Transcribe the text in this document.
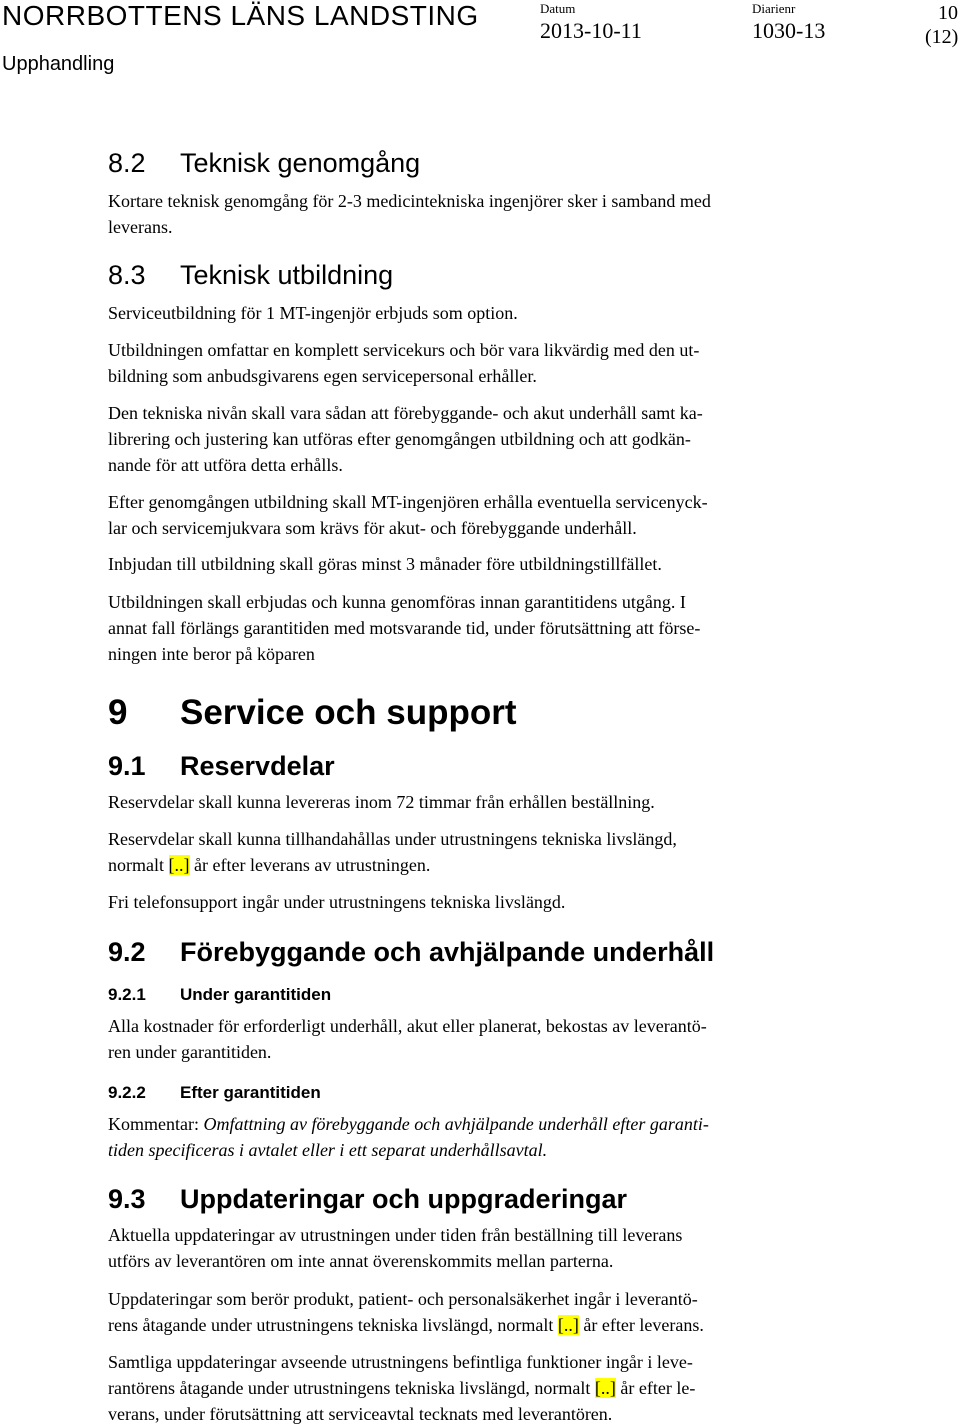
NORRBOTTENS LÄNS LANDSTING
Upphandling
Datum
2013-10-11
Diarienr
1030-13
10
(12)
8.2 Teknisk genomgång
Kortare teknisk genomgång för 2-3 medicintekniska ingenjörer sker i samband med
leverans.
8.3 Teknisk utbildning
Serviceutbildning för 1 MT-ingenjör erbjuds som option.
Utbildningen omfattar en komplett servicekurs och bör vara likvärdig med den ut-
bildning som anbudsgivarens egen servicepersonal erhåller.
Den tekniska nivån skall vara sådan att förebyggande- och akut underhåll samt ka-
librering och justering kan utföras efter genomgången utbildning och att godkän-
nande för att utföra detta erhålls.
Efter genomgången utbildning skall MT-ingenjören erhålla eventuella servicenyck-
lar och servicemjukvara som krävs för akut- och förebyggande underhåll.
Inbjudan till utbildning skall göras minst 3 månader före utbildningstillfället.
Utbildningen skall erbjudas och kunna genomföras innan garantitidens utgång. I
annat fall förlängs garantitiden med motsvarande tid, under förutsättning att förse-
ningen inte beror på köparen
9 Service och support
9.1 Reservdelar
Reservdelar skall kunna levereras inom 72 timmar från erhållen beställning.
Reservdelar skall kunna tillhandahållas under utrustningens tekniska livslängd,
normalt [..] år efter leverans av utrustningen.
Fri telefonsupport ingår under utrustningens tekniska livslängd.
9.2 Förebyggande och avhjälpande underhåll
9.2.1 Under garantitiden
Alla kostnader för erforderligt underhåll, akut eller planerat, bekostas av leverantö-
ren under garantitiden.
9.2.2 Efter garantitiden
Kommentar: Omfattning av förebyggande och avhjälpande underhåll efter garanti-
tiden specificeras i avtalet eller i ett separat underhållsavtal.
9.3 Uppdateringar och uppgraderingar
Aktuella uppdateringar av utrustningen under tiden från beställning till leverans
utförs av leverantören om inte annat överenskommits mellan parterna.
Uppdateringar som berör produkt, patient- och personalsäkerhet ingår i leverantö-
rens åtagande under utrustningens tekniska livslängd, normalt [..] år efter leverans.
Samtliga uppdateringar avseende utrustningens befintliga funktioner ingår i leve-
rantörens åtagande under utrustningens tekniska livslängd, normalt [..] år efter le-
verans, under förutsättning att serviceavtal tecknats med leverantören.
